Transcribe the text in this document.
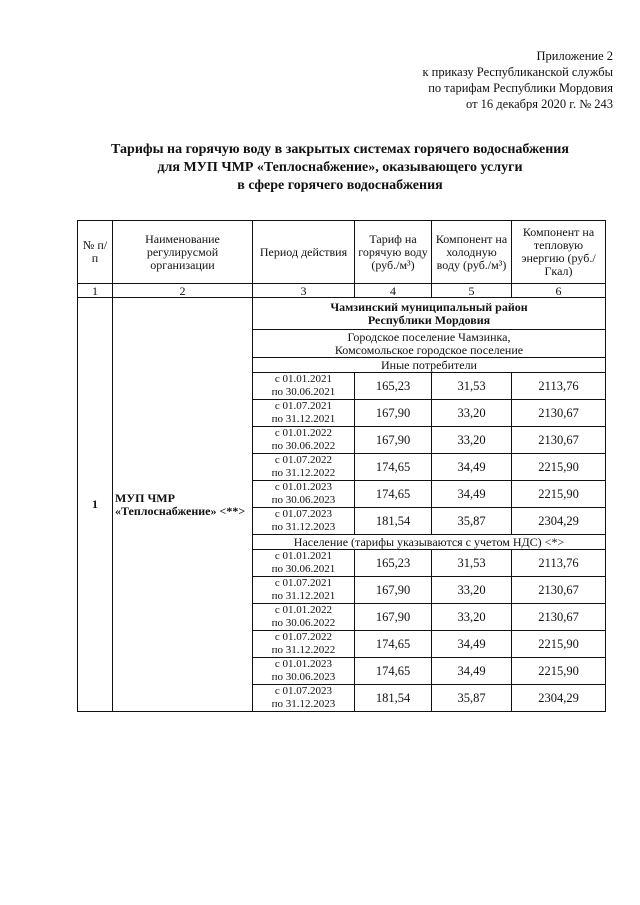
Приложение 2
к приказу Республиканской службы
по тарифам Республики Мордовия
от 16 декабря 2020 г. № 243
Тарифы на горячую воду в закрытых системах горячего водоснабжения
для МУП ЧМР «Теплоснабжение», оказывающего услуги
в сфере горячего водоснабжения
№ п/п	Наименование регулирусмой организации	Период действия	Тариф на горячую воду (руб./м³)	Компонент на холодную воду (руб./м³)	Компонент на тепловую энергию (руб./Гкал)
1	2	3	4	5	6
1	МУП ЧМР «Теплоснабжение» <**>	Чамзинский муниципальный район
Республики Мордовия			

		Городское поселение Чамзинка,
Комсомольское городское поселение			

		Иные потребители			

		с 01.01.2021
по 30.06.2021	165,23	31,53	2113,76

		с 01.07.2021
по 31.12.2021	167,90	33,20	2130,67

		с 01.01.2022
по 30.06.2022	167,90	33,20	2130,67

		с 01.07.2022
по 31.12.2022	174,65	34,49	2215,90

		с 01.01.2023
по 30.06.2023	174,65	34,49	2215,90

		с 01.07.2023
по 31.12.2023	181,54	35,87	2304,29
		Население (тарифы указываются с учетом НДС) <*>			

		с 01.01.2021
по 30.06.2021	165,23	31,53	2113,76

		с 01.07.2021
по 31.12.2021	167,90	33,20	2130,67

		с 01.01.2022
по 30.06.2022	167,90	33,20	2130,67

		с 01.07.2022
по 31.12.2022	174,65	34,49	2215,90

		с 01.01.2023
по 30.06.2023	174,65	34,49	2215,90

		с 01.07.2023
по 31.12.2023	181,54	35,87	2304,29
